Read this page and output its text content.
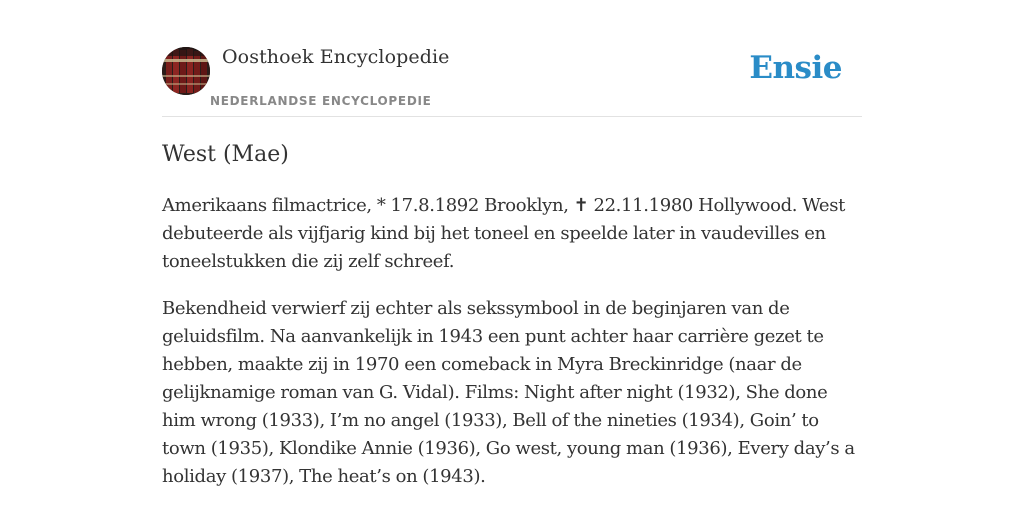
Oosthoek Encyclopedie
NEDERLANDSE ENCYCLOPEDIE
Ensie
West (Mae)

Amerikaans filmactrice, * 17.8.1892 Brooklyn, ✝ 22.11.1980 Hollywood. West debuteerde als vijfjarig kind bij het toneel en speelde later in vaudevilles en toneelstukken die zij zelf schreef.

Bekendheid verwierf zij echter als sekssymbool in de beginjaren van de geluidsfilm. Na aanvankelijk in 1943 een punt achter haar carrière gezet te hebben, maakte zij in 1970 een comeback in Myra Breckinridge (naar de gelijknamige roman van G. Vidal). Films: Night after night (1932), She done him wrong (1933), I’m no angel (1933), Bell of the nineties (1934), Goin’ to town (1935), Klondike Annie (1936), Go west, young man (1936), Every day’s a holiday (1937), The heat’s on (1943).
